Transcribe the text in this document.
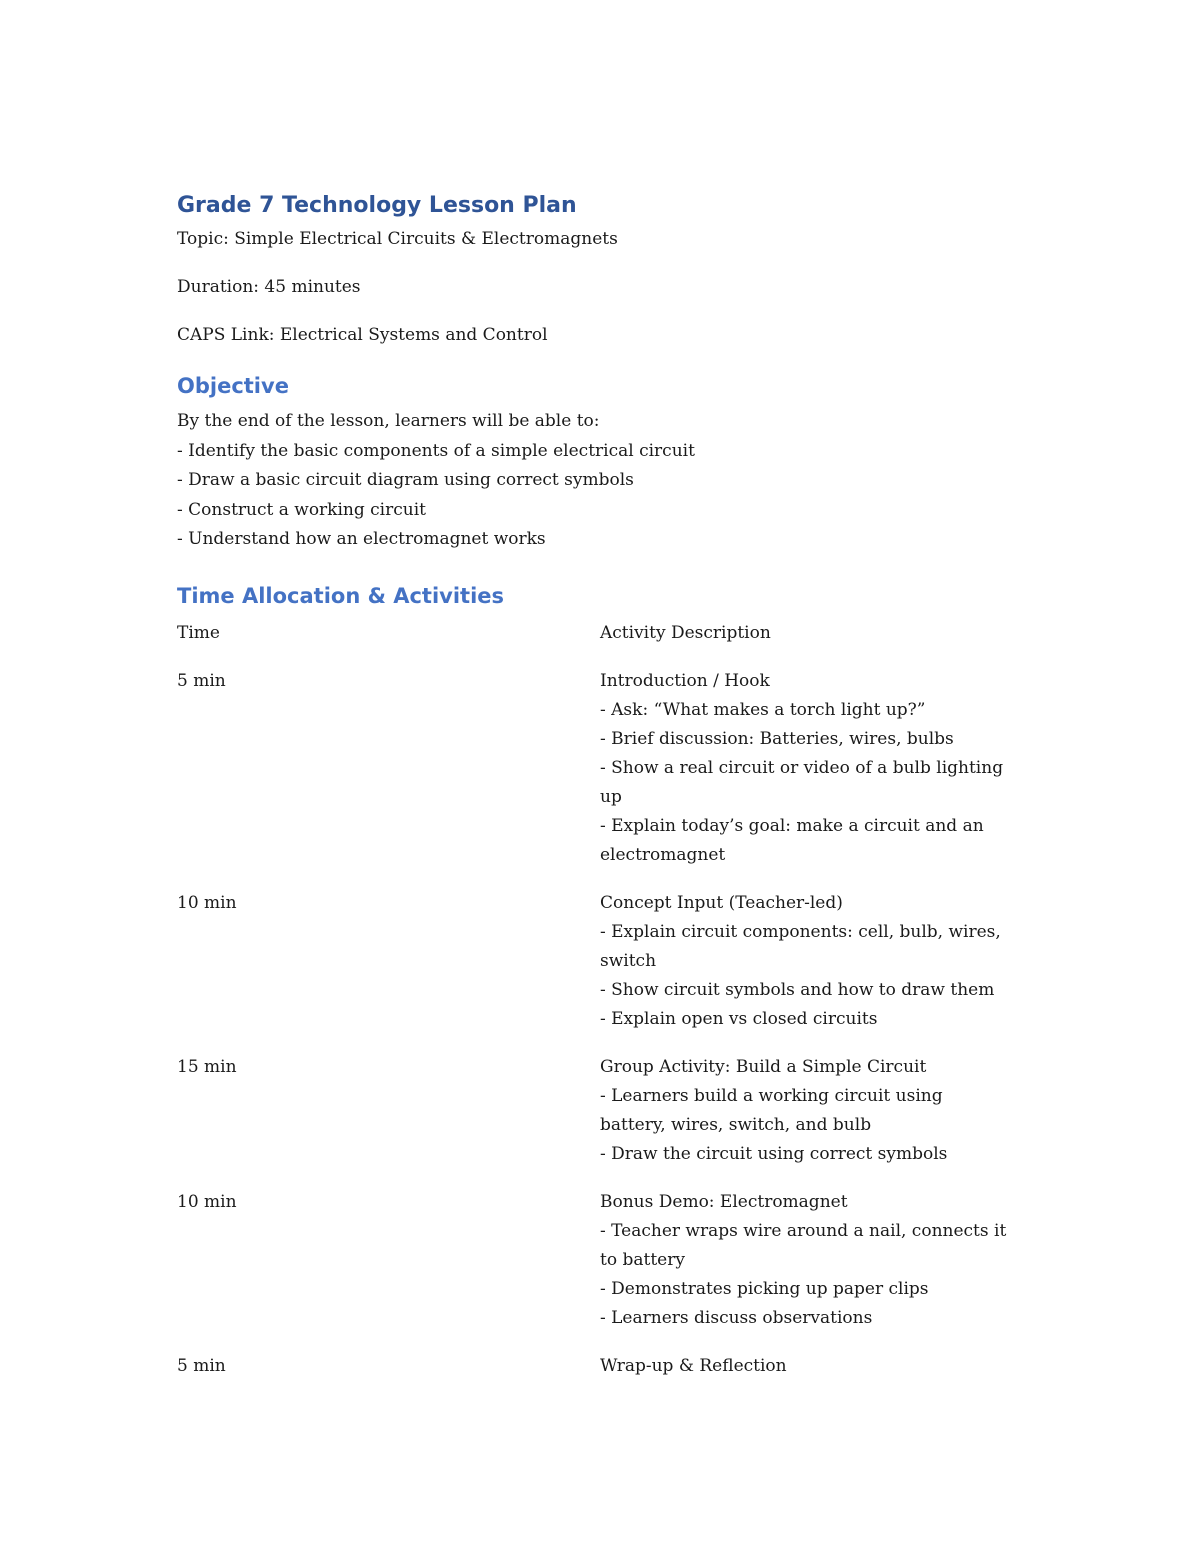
Grade 7 Technology Lesson Plan

Topic: Simple Electrical Circuits & Electromagnets

Duration: 45 minutes

CAPS Link: Electrical Systems and Control

Objective

By the end of the lesson, learners will be able to:

- Identify the basic components of a simple electrical circuit

- Draw a basic circuit diagram using correct symbols

- Construct a working circuit

- Understand how an electromagnet works

Time Allocation & Activities
Time	Activity Description
5 min	Introduction / Hook

- Ask: “What makes a torch light up?”

- Brief discussion: Batteries, wires, bulbs

- Show a real circuit or video of a bulb lighting up

- Explain today’s goal: make a circuit and an electromagnet

10 min	Concept Input (Teacher-led)

- Explain circuit components: cell, bulb, wires, switch

- Show circuit symbols and how to draw them

- Explain open vs closed circuits

15 min	Group Activity: Build a Simple Circuit

- Learners build a working circuit using battery, wires, switch, and bulb

- Draw the circuit using correct symbols

10 min	Bonus Demo: Electromagnet

- Teacher wraps wire around a nail, connects it to battery

- Demonstrates picking up paper clips

- Learners discuss observations

5 min	Wrap-up & Reflection
